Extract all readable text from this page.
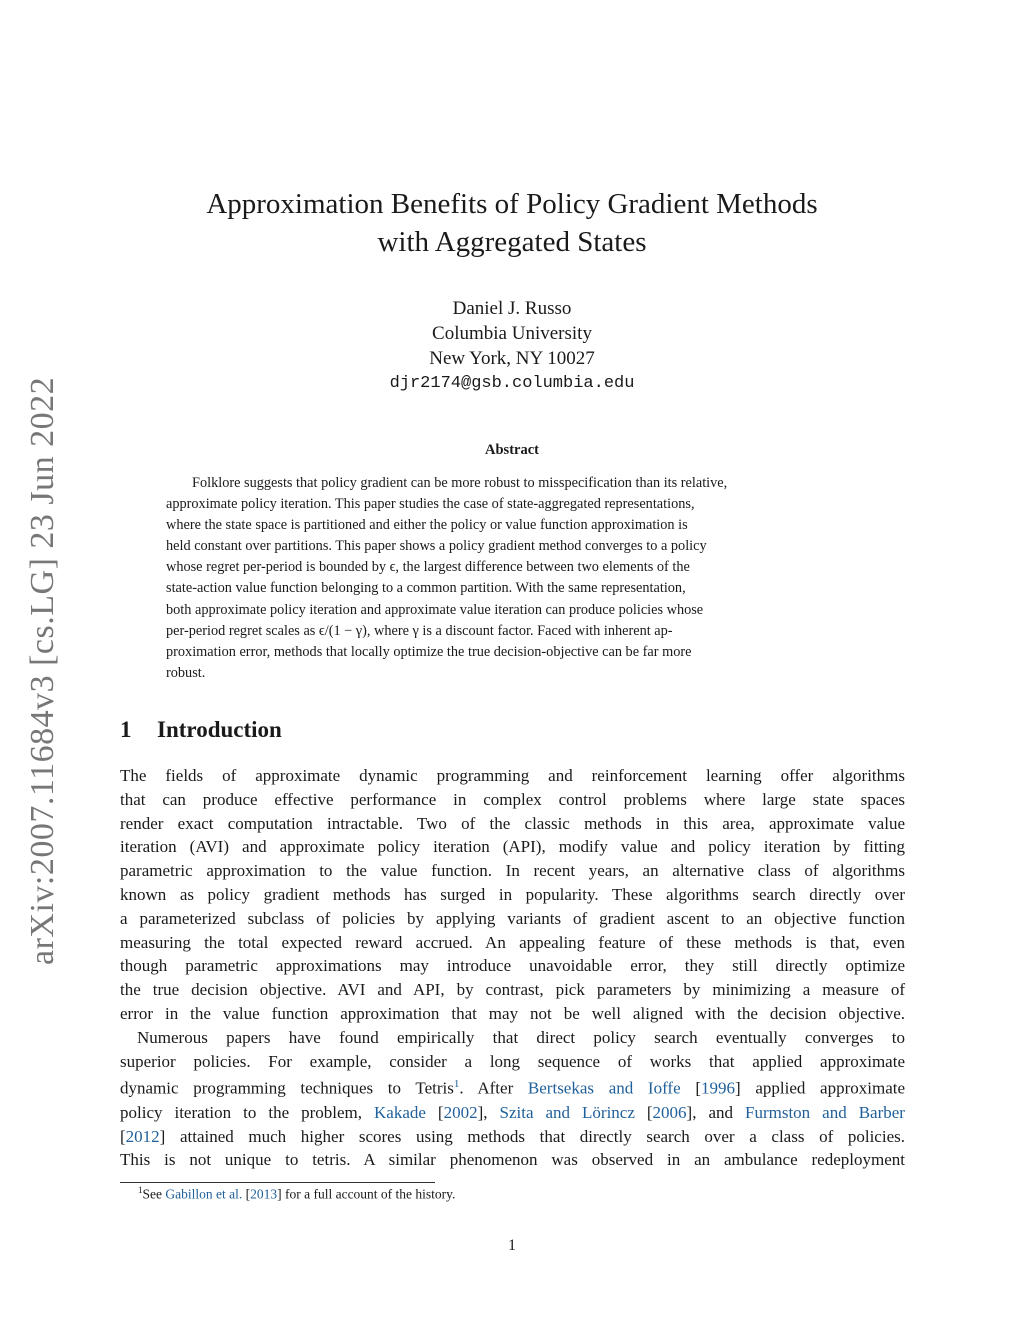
arXiv:2007.11684v3 [cs.LG] 23 Jun 2022
Approximation Benefits of Policy Gradient Methods
with Aggregated States
Daniel J. Russo
Columbia University
New York, NY 10027
djr2174@gsb.columbia.edu
Abstract
Folklore suggests that policy gradient can be more robust to misspecification than its relative,
approximate policy iteration. This paper studies the case of state-aggregated representations,
where the state space is partitioned and either the policy or value function approximation is
held constant over partitions. This paper shows a policy gradient method converges to a policy
whose regret per-period is bounded by ϵ, the largest difference between two elements of the
state-action value function belonging to a common partition. With the same representation,
both approximate policy iteration and approximate value iteration can produce policies whose
per-period regret scales as ϵ/(1 − γ), where γ is a discount factor. Faced with inherent ap-
proximation error, methods that locally optimize the true decision-objective can be far more
robust.
1 Introduction
The fields of approximate dynamic programming and reinforcement learning offer algorithms
that can produce effective performance in complex control problems where large state spaces
render exact computation intractable. Two of the classic methods in this area, approximate value
iteration (AVI) and approximate policy iteration (API), modify value and policy iteration by fitting
parametric approximation to the value function. In recent years, an alternative class of algorithms
known as policy gradient methods has surged in popularity. These algorithms search directly over
a parameterized subclass of policies by applying variants of gradient ascent to an objective function
measuring the total expected reward accrued. An appealing feature of these methods is that, even
though parametric approximations may introduce unavoidable error, they still directly optimize
the true decision objective. AVI and API, by contrast, pick parameters by minimizing a measure of
error in the value function approximation that may not be well aligned with the decision objective.
Numerous papers have found empirically that direct policy search eventually converges to
superior policies. For example, consider a long sequence of works that applied approximate
dynamic programming techniques to Tetris$^1$. After Bertsekas and Ioffe [1996] applied approximate
policy iteration to the problem, Kakade [2002], Szita and Lörincz [2006], and Furmston and Barber
[2012] attained much higher scores using methods that directly search over a class of policies.
This is not unique to tetris. A similar phenomenon was observed in an ambulance redeployment
$^1$See Gabillon et al. [2013] for a full account of the history.
1
